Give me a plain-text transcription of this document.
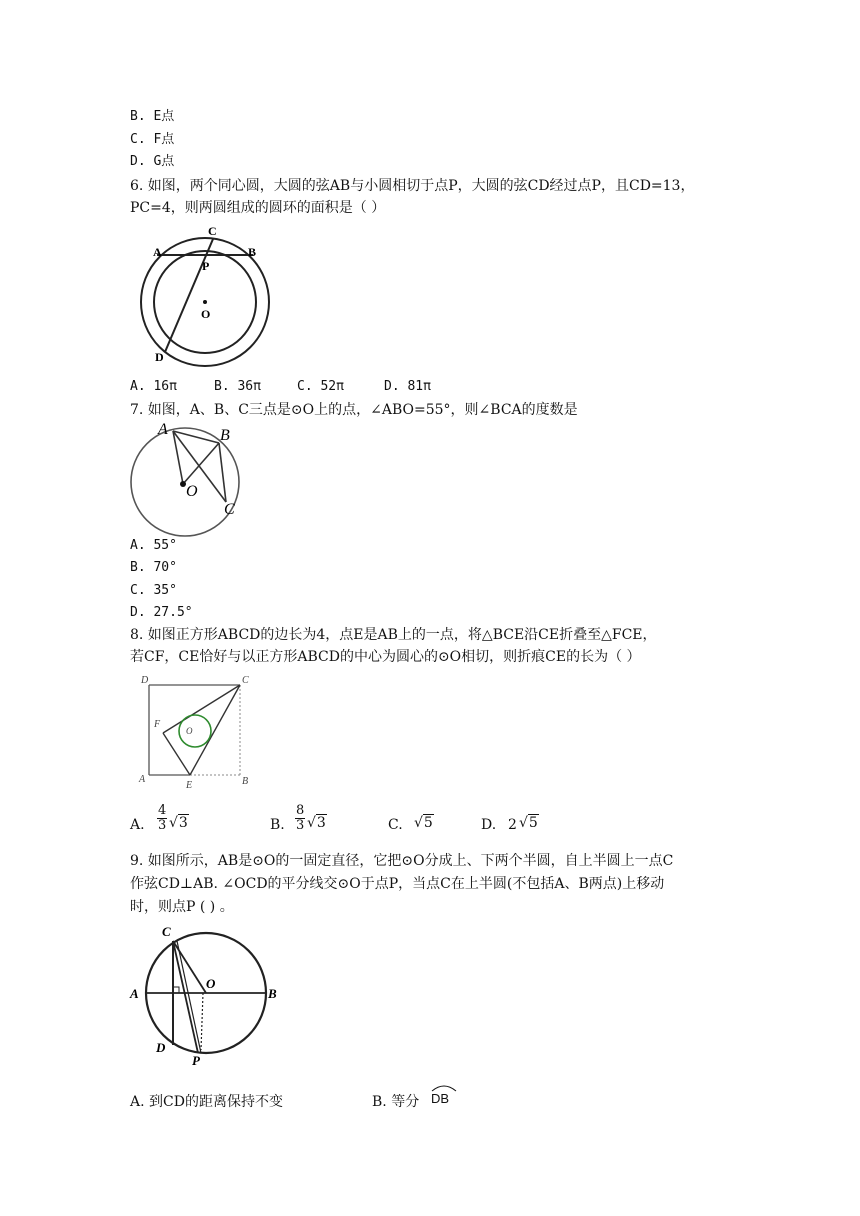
B. E点
C. F点
D. G点
6. 如图，两个同心圆，大圆的弦AB与小圆相切于点P，大圆的弦CD经过点P，且CD=13，
PC=4，则两圆组成的圆环的面积是（ ）
A
C
B
P
O
D
A. 16π	B. 36π	C. 52π	D. 81π
7. 如图，A、B、C三点是⊙O上的点，∠ABO=55°，则∠BCA的度数是
A	B
O
C
A. 55°
B. 70°
C. 35°
D. 27.5°
8. 如图正方形ABCD的边长为4，点E是AB上的一点，将△BCE沿CE折叠至△FCE，
若CF，CE恰好与以正方形ABCD的中心为圆心的⊙O相切，则折痕CE的长为（ ）
D	C
F
O
A
E	B
A. $\frac{4}{3} √3$	B. $\frac{8}{3} √3$	C. √5	D. 2 √5
9. 如图所示，AB是⊙O的一固定直径，它把⊙O分成上、下两个半圆，自上半圆上一点C
作弦CD⊥AB. ∠OCD的平分线交⊙O于点P，当点C在上半圆(不包括A、B两点)上移动
时，则点P ( ) 。
C
A
O
B
D
P
A. 到CD的距离保持不变	B. 等分 DB
